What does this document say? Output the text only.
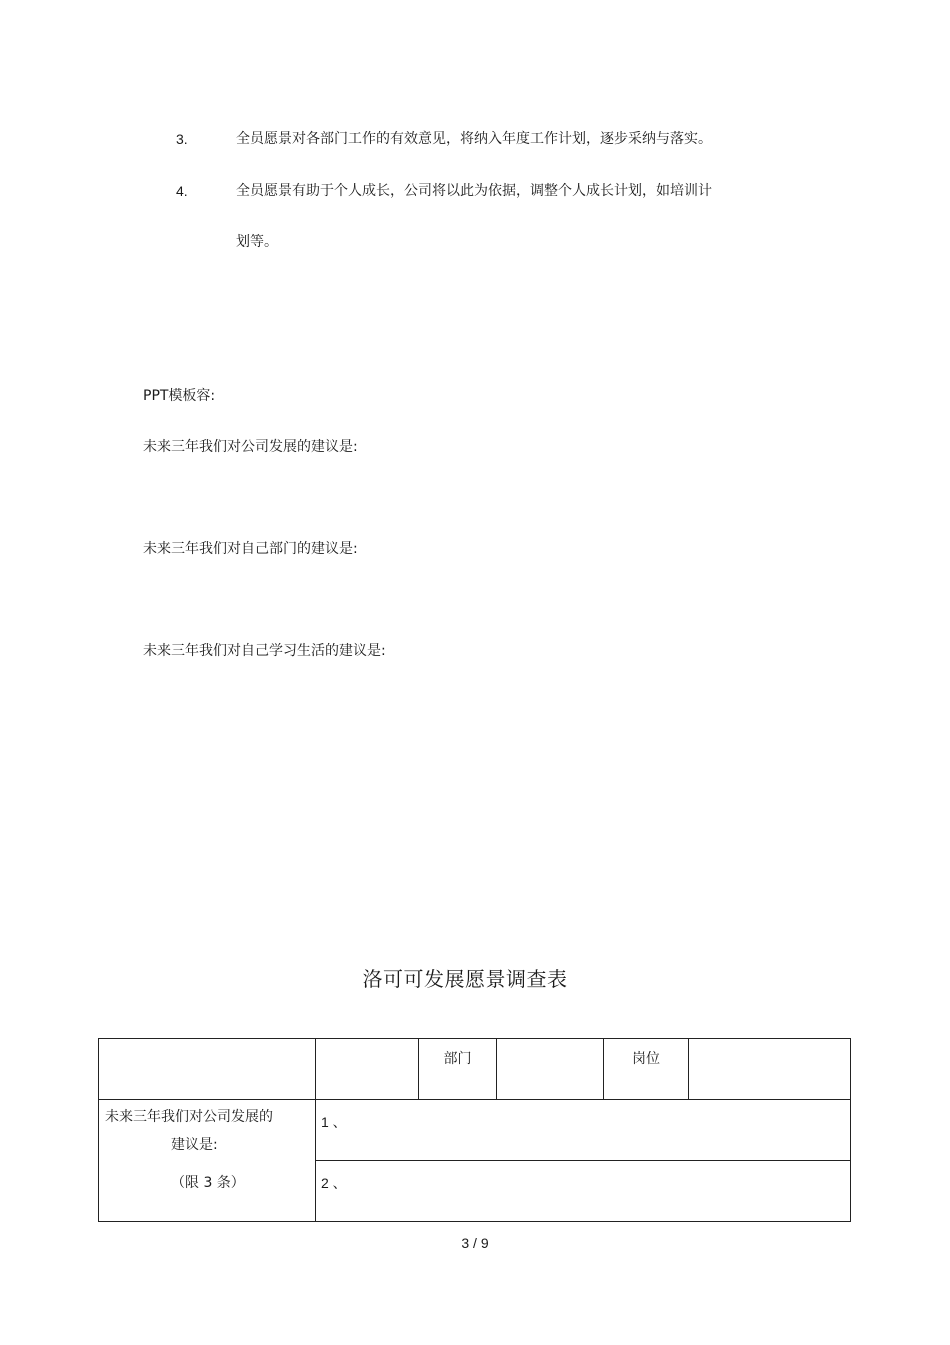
3.	全员愿景对各部门工作的有效意见，将纳入年度工作计划，逐步采纳与落实。
4.	全员愿景有助于个人成长，公司将以此为依据，调整个人成长计划，如培训计
划等。
PPT模板容:
未来三年我们对公司发展的建议是:
未来三年我们对自己部门的建议是:
未来三年我们对自己学习生活的建议是:
洛可可发展愿景调查表

		部门		岗位	

未来三年我们对公司发展的
建议是:
（限 3 条）	1 、				

	2 、				
3 / 9
